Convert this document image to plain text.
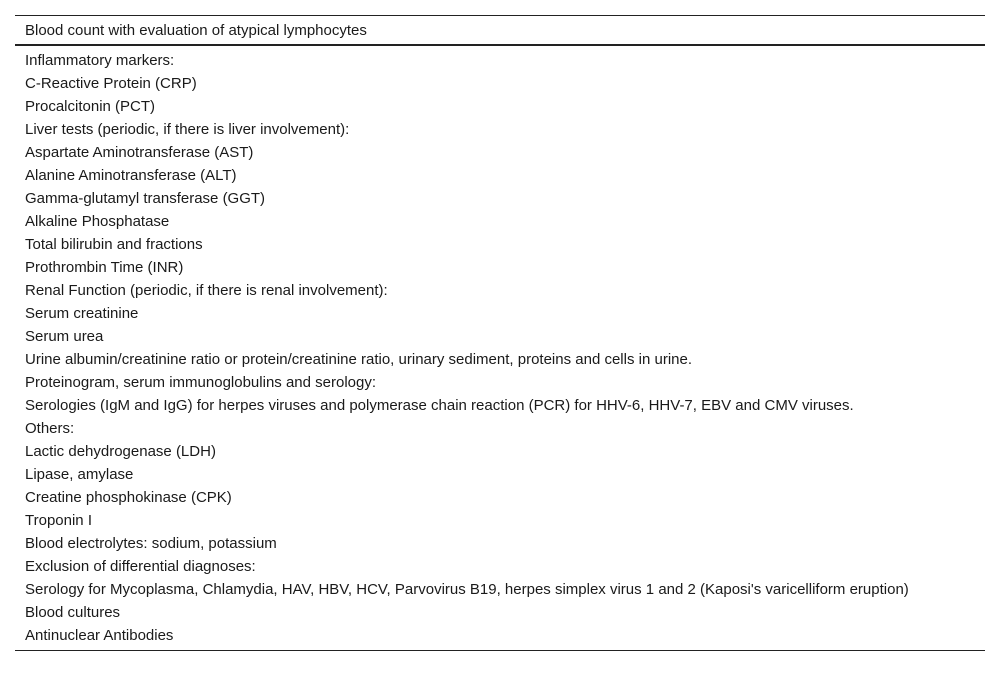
Blood count with evaluation of atypical lymphocytes
Inflammatory markers:
C-Reactive Protein (CRP)
Procalcitonin (PCT)
Liver tests (periodic, if there is liver involvement):
Aspartate Aminotransferase (AST)
Alanine Aminotransferase (ALT)
Gamma-glutamyl transferase (GGT)
Alkaline Phosphatase
Total bilirubin and fractions
Prothrombin Time (INR)
Renal Function (periodic, if there is renal involvement):
Serum creatinine
Serum urea
Urine albumin/creatinine ratio or protein/creatinine ratio, urinary sediment, proteins and cells in urine.
Proteinogram, serum immunoglobulins and serology:
Serologies (IgM and IgG) for herpes viruses and polymerase chain reaction (PCR) for HHV-6, HHV-7, EBV and CMV viruses.
Others:
Lactic dehydrogenase (LDH)
Lipase, amylase
Creatine phosphokinase (CPK)
Troponin I
Blood electrolytes: sodium, potassium
Exclusion of differential diagnoses:
Serology for Mycoplasma, Chlamydia, HAV, HBV, HCV, Parvovirus B19, herpes simplex virus 1 and 2 (Kaposi's varicelliform eruption)
Blood cultures
Antinuclear Antibodies
